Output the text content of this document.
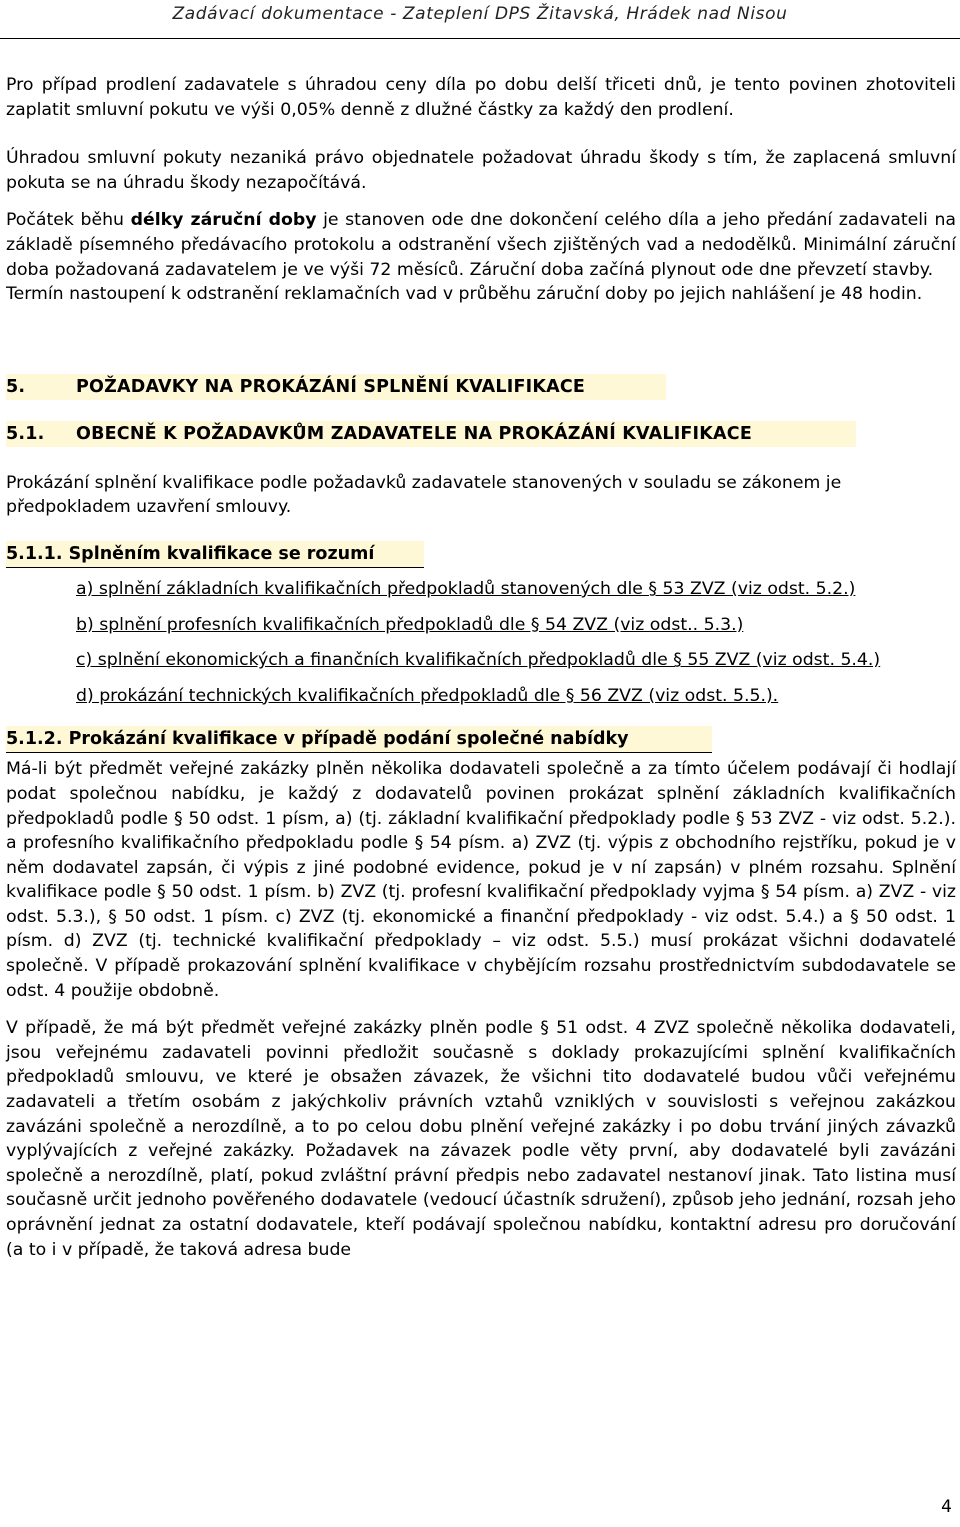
Zadávací dokumentace - Zateplení DPS Žitavská, Hrádek nad Nisou

Pro případ prodlení zadavatele s úhradou ceny díla po dobu delší třiceti dnů, je tento povinen zhotoviteli zaplatit smluvní pokutu ve výši 0,05% denně z dlužné částky za každý den prodlení.

Úhradou smluvní pokuty nezaniká právo objednatele požadovat úhradu škody s tím, že zaplacená smluvní pokuta se na úhradu škody nezapočítává.

Počátek běhu délky záruční doby je stanoven ode dne dokončení celého díla a jeho předání zadavateli na základě písemného předávacího protokolu a odstranění všech zjištěných vad a nedodělků. Minimální záruční doba požadovaná zadavatelem je ve výši 72 měsíců. Záruční doba začíná plynout ode dne převzetí stavby.

Termín nastoupení k odstranění reklamačních vad v průběhu záruční doby po jejich nahlášení je 48 hodin.

5.	POŽADAVKY NA PROKÁZÁNÍ SPLNĚNÍ KVALIFIKACE
5.1. OBECNĚ K POŽADAVKŮM ZADAVATELE NA PROKÁZÁNÍ KVALIFIKACE

Prokázání splnění kvalifikace podle požadavků zadavatele stanovených v souladu se zákonem je předpokladem uzavření smlouvy.

5.1.1. Splněním kvalifikace se rozumí
a) splnění základních kvalifikačních předpokladů stanovených dle § 53 ZVZ (viz odst. 5.2.)
b) splnění profesních kvalifikačních předpokladů dle § 54 ZVZ (viz odst.. 5.3.)
c) splnění ekonomických a finančních kvalifikačních předpokladů dle § 55 ZVZ (viz odst. 5.4.)
d) prokázání technických kvalifikačních předpokladů dle § 56 ZVZ (viz odst. 5.5.).
5.1.2. Prokázání kvalifikace v případě podání společné nabídky

Má-li být předmět veřejné zakázky plněn několika dodavateli společně a za tímto účelem podávají či hodlají podat společnou nabídku, je každý z dodavatelů povinen prokázat splnění základních kvalifikačních předpokladů podle § 50 odst. 1 písm, a) (tj. základní kvalifikační předpoklady podle § 53 ZVZ - viz odst. 5.2.). a profesního kvalifikačního předpokladu podle § 54 písm. a) ZVZ (tj. výpis z obchodního rejstříku, pokud je v něm dodavatel zapsán, či výpis z jiné podobné evidence, pokud je v ní zapsán) v plném rozsahu. Splnění kvalifikace podle § 50 odst. 1 písm. b) ZVZ (tj. profesní kvalifikační předpoklady vyjma § 54 písm. a) ZVZ - viz odst. 5.3.), § 50 odst. 1 písm. c) ZVZ (tj. ekonomické a finanční předpoklady - viz odst. 5.4.) a § 50 odst. 1 písm. d) ZVZ (tj. technické kvalifikační předpoklady – viz odst. 5.5.) musí prokázat všichni dodavatelé společně. V případě prokazování splnění kvalifikace v chybějícím rozsahu prostřednictvím subdodavatele se odst. 4 použije obdobně.

V případě, že má být předmět veřejné zakázky plněn podle § 51 odst. 4 ZVZ společně několika dodavateli, jsou veřejnému zadavateli povinni předložit současně s doklady prokazujícími splnění kvalifikačních předpokladů smlouvu, ve které je obsažen závazek, že všichni tito dodavatelé budou vůči veřejnému zadavateli a třetím osobám z jakýchkoliv právních vztahů vzniklých v souvislosti s veřejnou zakázkou zavázáni společně a nerozdílně, a to po celou dobu plnění veřejné zakázky i po dobu trvání jiných závazků vyplývajících z veřejné zakázky. Požadavek na závazek podle věty první, aby dodavatelé byli zavázáni společně a nerozdílně, platí, pokud zvláštní právní předpis nebo zadavatel nestanoví jinak. Tato listina musí současně určit jednoho pověřeného dodavatele (vedoucí účastník sdružení), způsob jeho jednání, rozsah jeho oprávnění jednat za ostatní dodavatele, kteří podávají společnou nabídku, kontaktní adresu pro doručování (a to i v případě, že taková adresa bude

4
